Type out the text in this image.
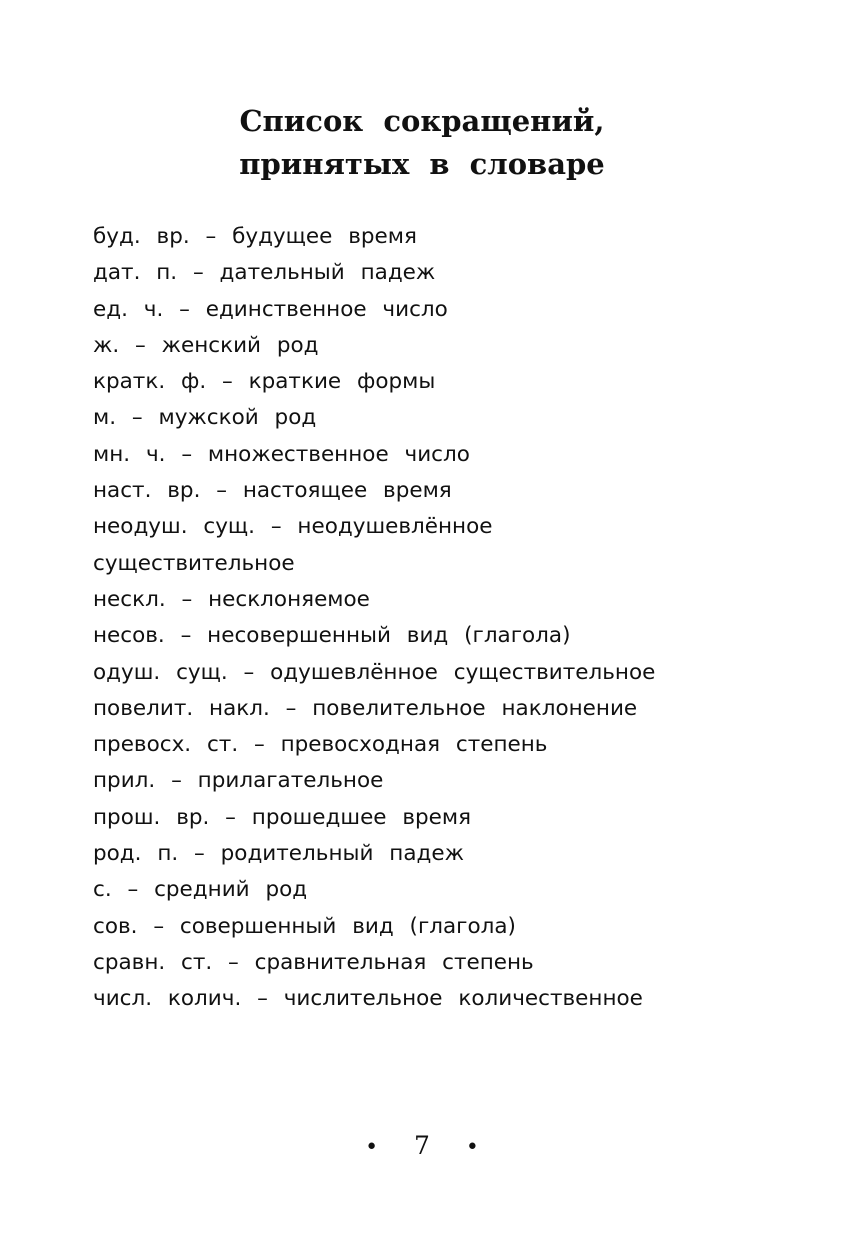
Список сокращений,
принятых в словаре
буд. вр. – будущее время
дат. п. – дательный падеж
ед. ч. – единственное число
ж. – женский род
кратк. ф. – краткие формы
м. – мужской род
мн. ч. – множественное число
наст. вр. – настоящее время
неодуш. сущ. – неодушевлённое
существительное
нескл. – несклоняемое
несов. – несовершенный вид (глагола)
одуш. сущ. – одушевлённое существительное
повелит. накл. – повелительное наклонение
превосх. ст. – превосходная степень
прил. – прилагательное
прош. вр. – прошедшее время
род. п. – родительный падеж
с. – средний род
сов. – совершенный вид (глагола)
сравн. ст. – сравнительная степень
числ. колич. – числительное количественное
• 7 •
